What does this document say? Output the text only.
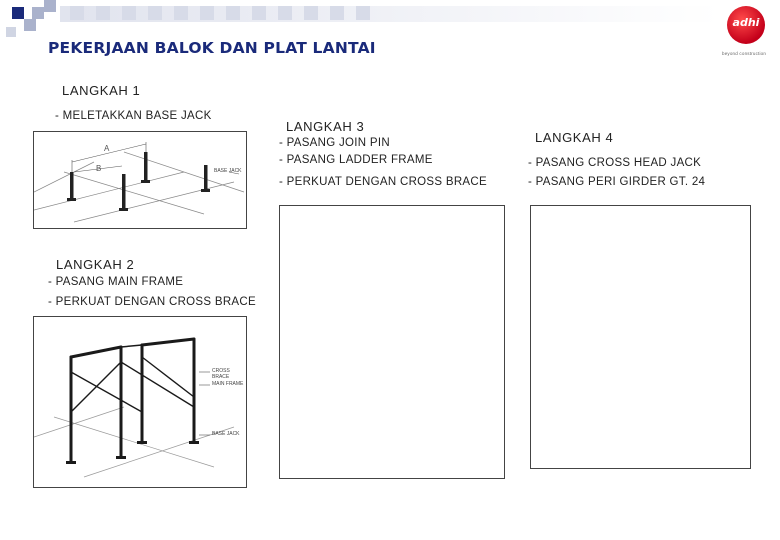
PEKERJAAN BALOK DAN PLAT LANTAI
adhi
beyond construction
LANGKAH 1
- MELETAKKAN BASE JACK
A
B	BASE JACK
LANGKAH 2
- PASANG MAIN FRAME
- PERKUAT DENGAN CROSS BRACE
CROSS BRACE
MAIN FRAME
BASE JACK
LANGKAH 3
- PASANG JOIN PIN
- PASANG LADDER FRAME
- PERKUAT DENGAN CROSS BRACE
LANGKAH 4
- PASANG CROSS HEAD JACK
- PASANG PERI GIRDER GT. 24
